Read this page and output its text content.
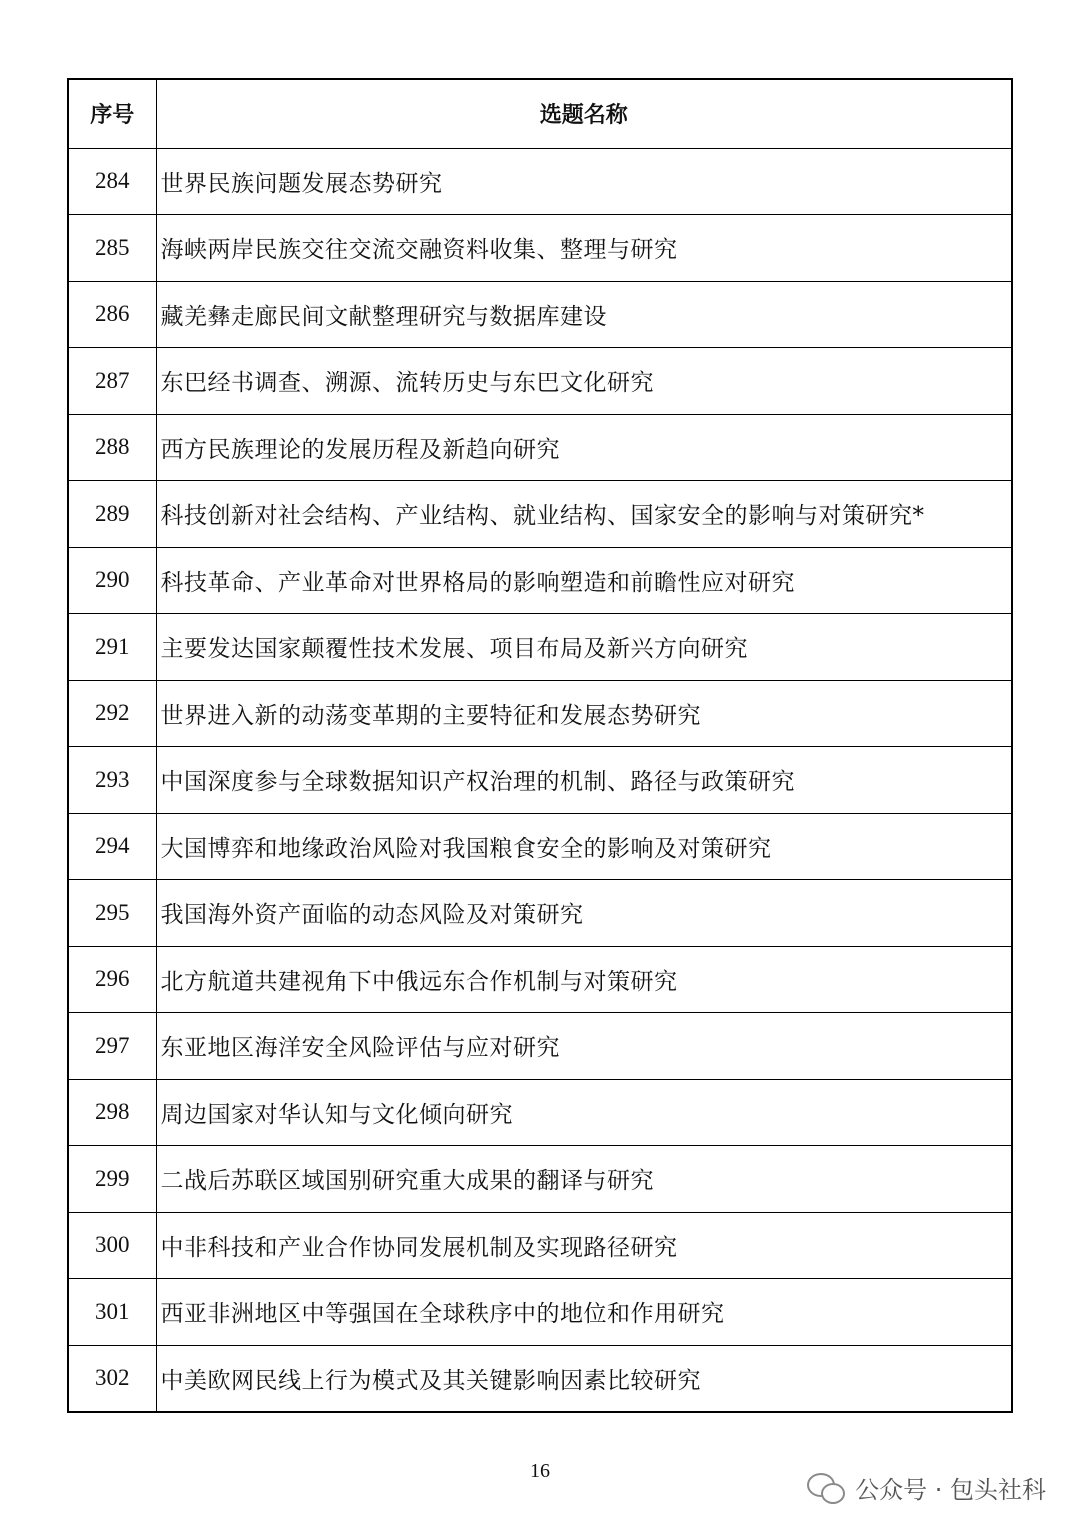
序号	选题名称
284	世界民族问题发展态势研究
285	海峡两岸民族交往交流交融资料收集、整理与研究
286	藏羌彝走廊民间文献整理研究与数据库建设
287	东巴经书调查、溯源、流转历史与东巴文化研究
288	西方民族理论的发展历程及新趋向研究
289	科技创新对社会结构、产业结构、就业结构、国家安全的影响与对策研究*
290	科技革命、产业革命对世界格局的影响塑造和前瞻性应对研究
291	主要发达国家颠覆性技术发展、项目布局及新兴方向研究
292	世界进入新的动荡变革期的主要特征和发展态势研究
293	中国深度参与全球数据知识产权治理的机制、路径与政策研究
294	大国博弈和地缘政治风险对我国粮食安全的影响及对策研究
295	我国海外资产面临的动态风险及对策研究
296	北方航道共建视角下中俄远东合作机制与对策研究
297	东亚地区海洋安全风险评估与应对研究
298	周边国家对华认知与文化倾向研究
299	二战后苏联区域国别研究重大成果的翻译与研究
300	中非科技和产业合作协同发展机制及实现路径研究
301	西亚非洲地区中等强国在全球秩序中的地位和作用研究
302	中美欧网民线上行为模式及其关键影响因素比较研究
16
公众号 · 包头社科
